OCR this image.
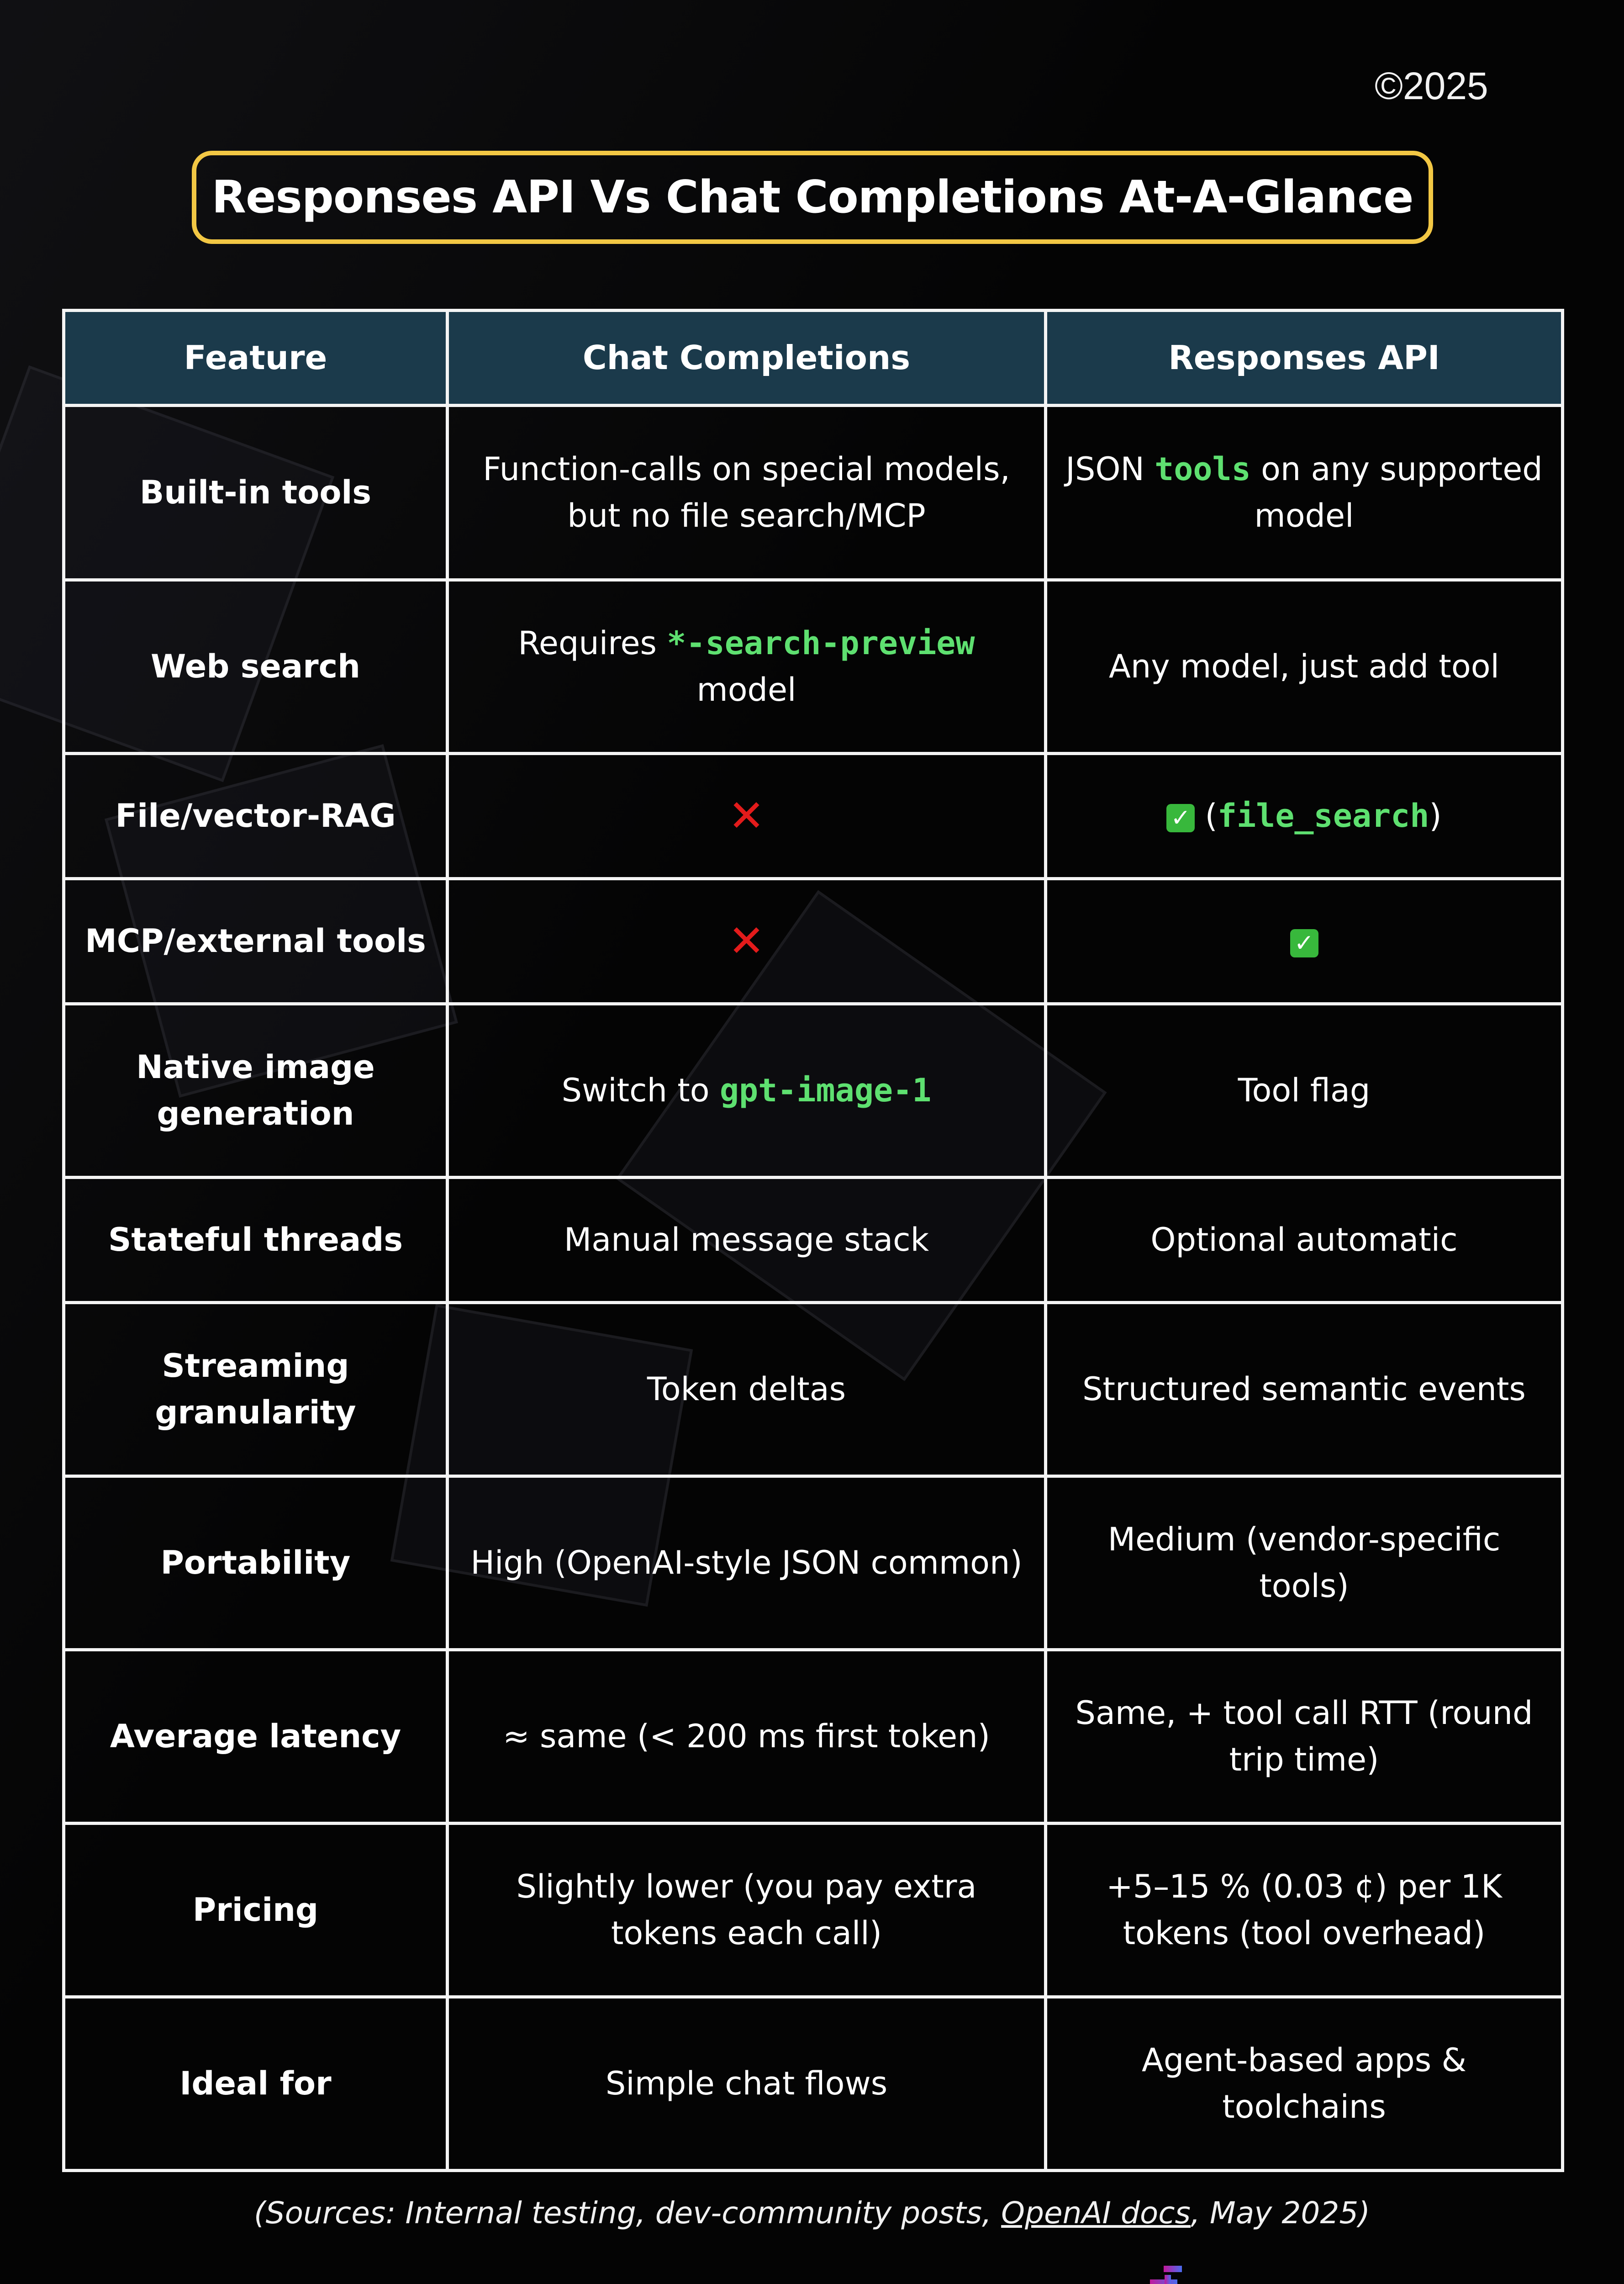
©2025
Responses API Vs Chat Completions At-A-Glance
Feature	Chat Completions	Responses API
Built-in tools	Function-calls on special models, but no file search/MCP	JSON tools on any supported model
Web search	Requires *-search-preview model	Any model, just add tool
File/vector-RAG	✕	✓ (file_search)
MCP/external tools	✕	✓
Native image generation	Switch to gpt-image-1	Tool flag
Stateful threads	Manual message stack	Optional automatic
Streaming granularity	Token deltas	Structured semantic events
Portability	High (OpenAI-style JSON common)	Medium (vendor-specific tools)
Average latency	≈ same (< 200 ms first token)	Same, + tool call RTT (round trip time)
Pricing	Slightly lower (you pay extra tokens each call)	+5–15 % (0.03 ¢) per 1K tokens (tool overhead)
Ideal for	Simple chat flows	Agent-based apps & toolchains
(Sources: Internal testing, dev-community posts, OpenAI docs, May 2025)
